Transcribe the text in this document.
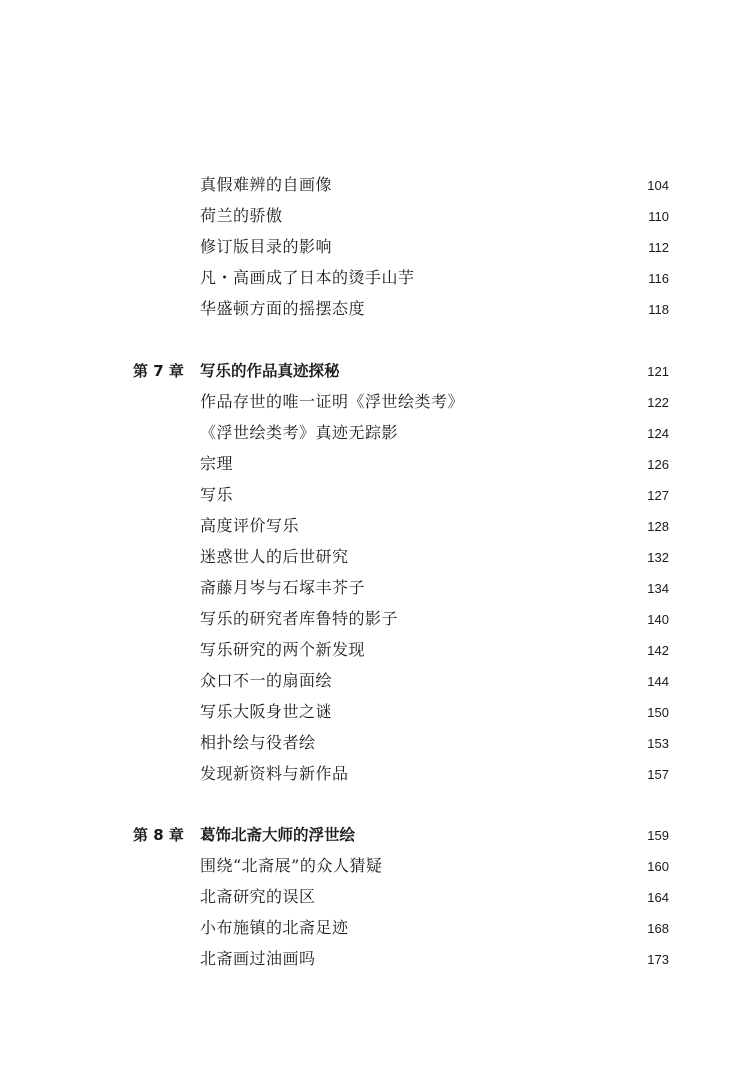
真假难辨的自画像	104
荷兰的骄傲	110
修订版目录的影响	112
凡・高画成了日本的烫手山芋	116
华盛顿方面的摇摆态度	118
第 7 章 写乐的作品真迹探秘	121
作品存世的唯一证明《浮世绘类考》	122
《浮世绘类考》真迹无踪影	124
宗理	126
写乐	127
高度评价写乐	128
迷惑世人的后世研究	132
斋藤月岑与石塚丰芥子	134
写乐的研究者库鲁特的影子	140
写乐研究的两个新发现	142
众口不一的扇面绘	144
写乐大阪身世之谜	150
相扑绘与役者绘	153
发现新资料与新作品	157
第 8 章 葛饰北斋大师的浮世绘	159
围绕“北斋展”的众人猜疑	160
北斋研究的误区	164
小布施镇的北斋足迹	168
北斋画过油画吗	173
